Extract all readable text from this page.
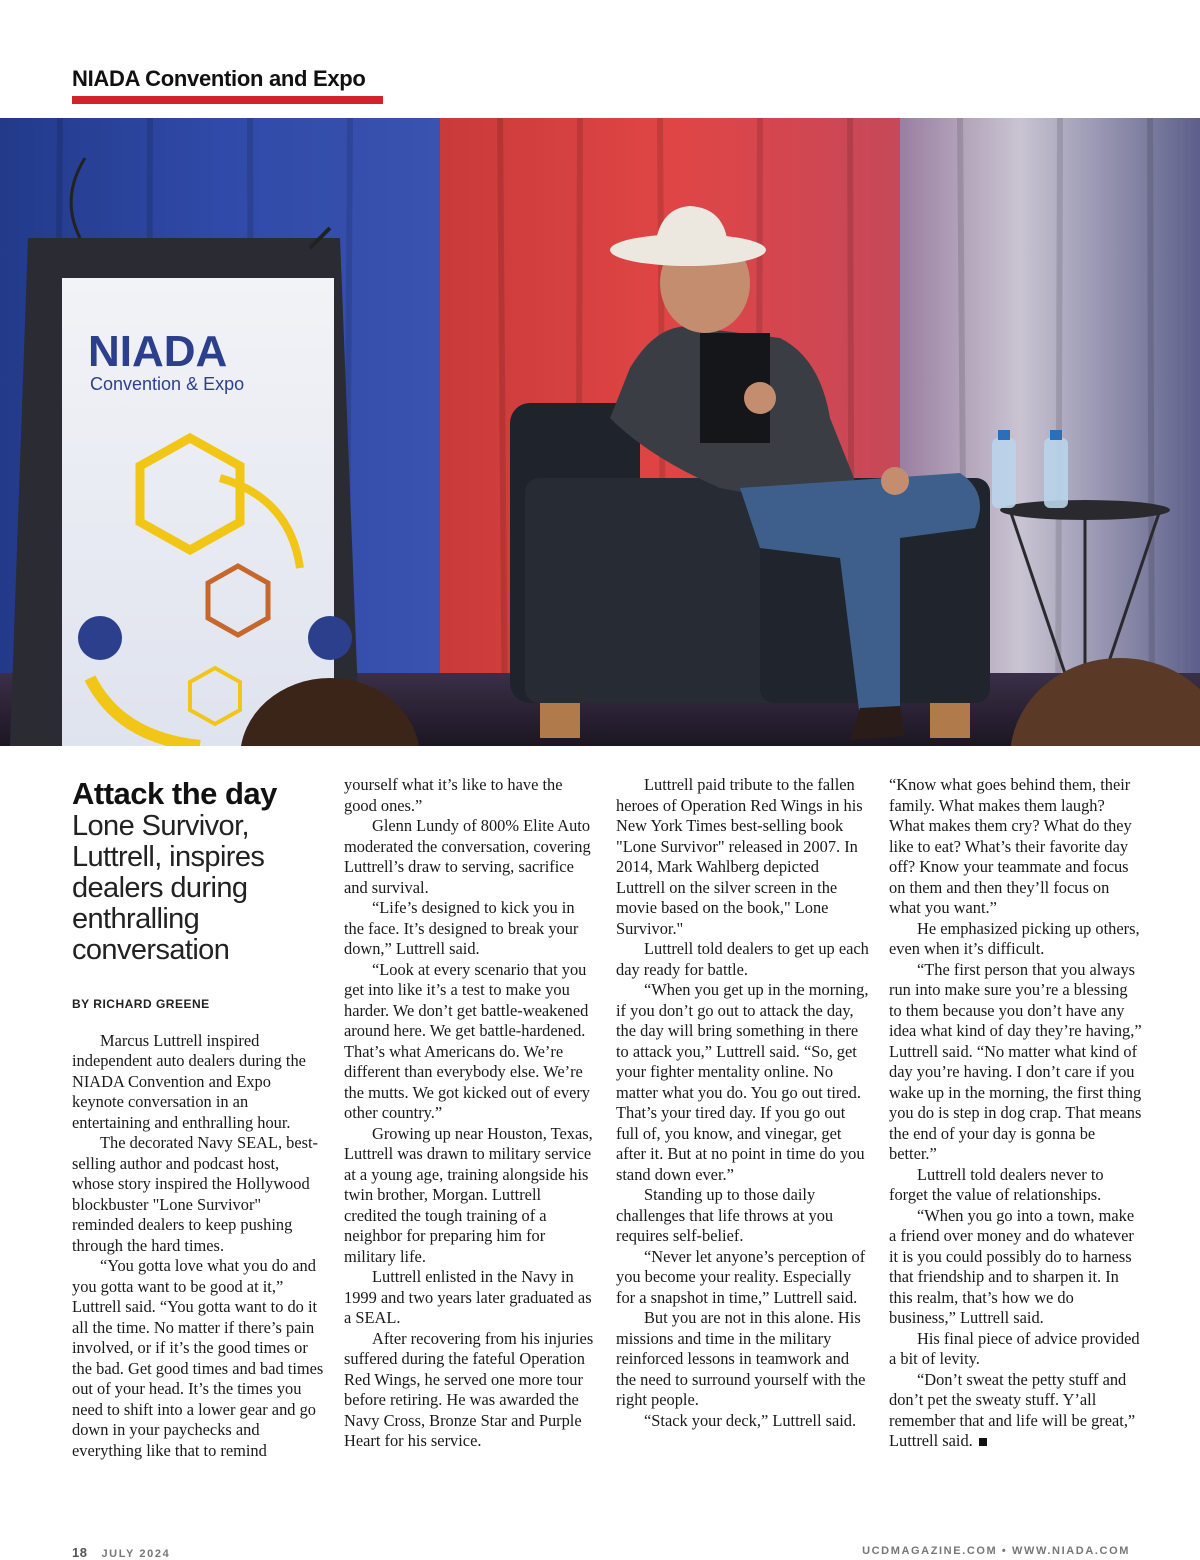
NIADA Convention and Expo
NIADA
Convention & Expo
Attack the day
Lone Survivor, Luttrell, inspires dealers during enthralling conversation
BY RICHARD GREENE

Marcus Luttrell inspired independent auto dealers during the NIADA Convention and Expo keynote conversation in an entertaining and enthralling hour.

The decorated Navy SEAL, best-selling author and podcast host, whose story inspired the Hollywood blockbuster "Lone Survivor" reminded dealers to keep pushing through the hard times.

“You gotta love what you do and you gotta want to be good at it,” Luttrell said. “You gotta want to do it all the time. No matter if there’s pain involved, or if it’s the good times or the bad. Get good times and bad times out of your head. It’s the times you need to shift into a lower gear and go down in your paychecks and everything like that to remind

yourself what it’s like to have the good ones.”

Glenn Lundy of 800% Elite Auto moderated the conversation, covering Luttrell’s draw to serving, sacrifice and survival.

“Life’s designed to kick you in the face. It’s designed to break your down,” Luttrell said.

“Look at every scenario that you get into like it’s a test to make you harder. We don’t get battle-weakened around here. We get battle-hardened. That’s what Americans do. We’re different than everybody else. We’re the mutts. We got kicked out of every other country.”

Growing up near Houston, Texas, Luttrell was drawn to military service at a young age, training alongside his twin brother, Morgan. Luttrell credited the tough training of a neighbor for preparing him for military life.

Luttrell enlisted in the Navy in 1999 and two years later graduated as a SEAL.

After recovering from his injuries suffered during the fateful Operation Red Wings, he served one more tour before retiring. He was awarded the Navy Cross, Bronze Star and Purple Heart for his service.

Luttrell paid tribute to the fallen heroes of Operation Red Wings in his New York Times best-selling book "Lone Survivor" released in 2007. In 2014, Mark Wahlberg depicted Luttrell on the silver screen in the movie based on the book," Lone Survivor."

Luttrell told dealers to get up each day ready for battle.

“When you get up in the morning, if you don’t go out to attack the day, the day will bring something in there to attack you,” Luttrell said. “So, get your fighter mentality online. No matter what you do. You go out tired. That’s your tired day. If you go out full of, you know, and vinegar, get after it. But at no point in time do you stand down ever.”

Standing up to those daily challenges that life throws at you requires self-belief.

“Never let anyone’s perception of you become your reality. Especially for a snapshot in time,” Luttrell said.

But you are not in this alone. His missions and time in the military reinforced lessons in teamwork and the need to surround yourself with the right people.

“Stack your deck,” Luttrell said.

“Know what goes behind them, their family. What makes them laugh? What makes them cry? What do they like to eat? What’s their favorite day off? Know your teammate and focus on them and then they’ll focus on what you want.”

He emphasized picking up others, even when it’s difficult.

“The first person that you always run into make sure you’re a blessing to them because you don’t have any idea what kind of day they’re having,” Luttrell said. “No matter what kind of day you’re having. I don’t care if you wake up in the morning, the first thing you do is step in dog crap. That means the end of your day is gonna be better.”

Luttrell told dealers never to forget the value of relationships.

“When you go into a town, make a friend over money and do whatever it is you could possibly do to harness that friendship and to sharpen it. In this realm, that’s how we do business,” Luttrell said.

His final piece of advice provided a bit of levity.

“Don’t sweat the petty stuff and don’t pet the sweaty stuff. Y’all remember that and life will be great,” Luttrell said.

18 JULY 2024	UCDMAGAZINE.COM • WWW.NIADA.COM
